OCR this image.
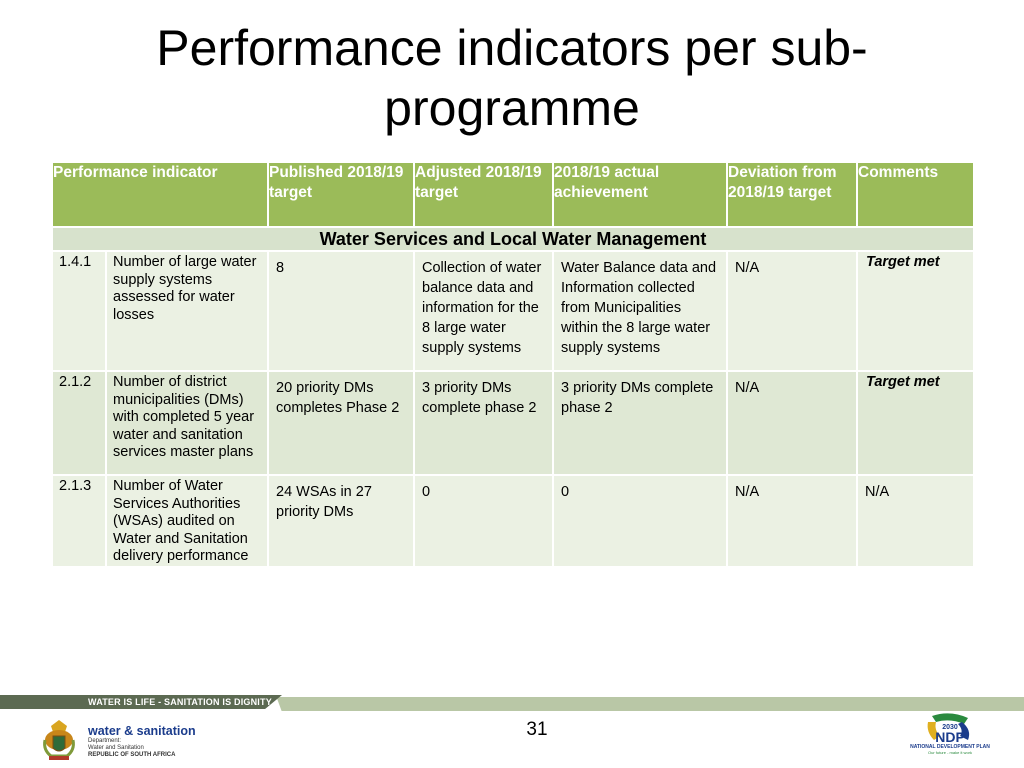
Performance indicators per sub-programme
Performance indicator		Published 2018/19 target	Adjusted 2018/19 target	2018/19 actual achievement	Deviation from 2018/19 target	Comments
Water Services and Local Water Management						

1.4.1	Number of large water supply systems assessed for water losses	8	Collection of water balance data and information for the 8 large water supply systems	Water Balance data and Information collected from Municipalities within the 8 large water supply systems	N/A	Target met

2.1.2	Number of district municipalities (DMs) with completed 5 year water and sanitation services master plans	20 priority DMs completes Phase 2	3 priority DMs complete phase 2	3 priority DMs complete phase 2	N/A	Target met

2.1.3	Number of Water Services Authorities (WSAs) audited on Water and Sanitation delivery performance	24 WSAs in 27 priority DMs	0	0	N/A	N/A
WATER IS LIFE - SANITATION IS DIGNITY
water & sanitation
Department:
Water and Sanitation
REPUBLIC OF SOUTH AFRICA
31	2030
NDP
NATIONAL DEVELOPMENT PLAN
Our future - make it work
